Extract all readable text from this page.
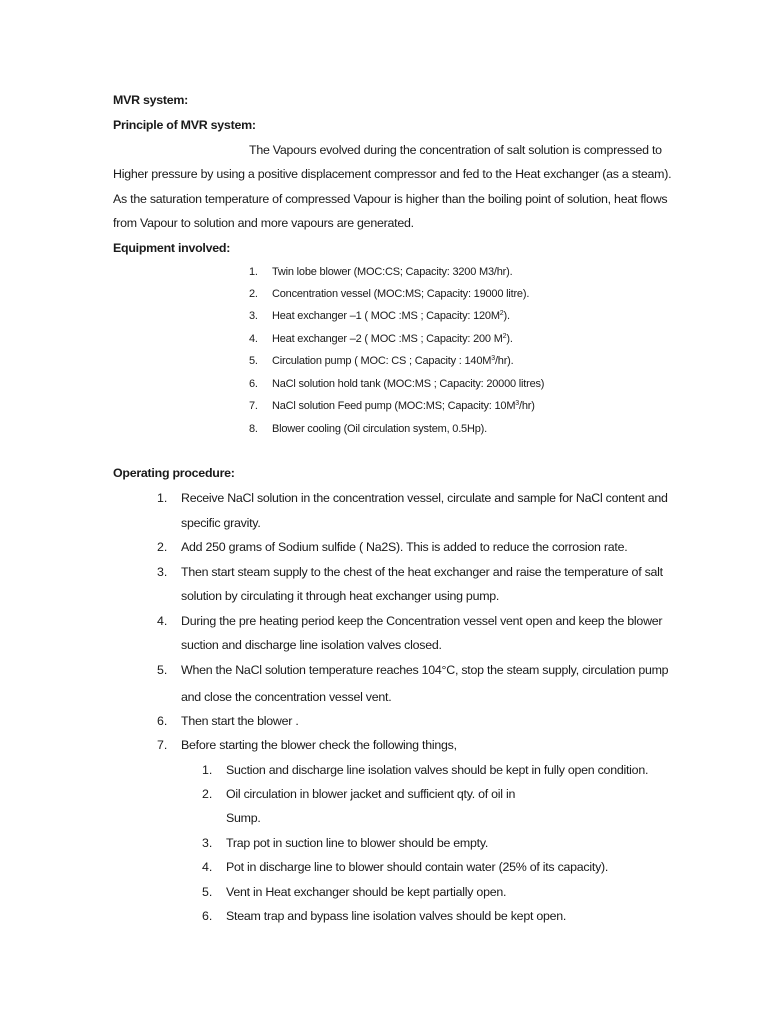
MVR system:
Principle of MVR system:
The Vapours evolved during the concentration of salt solution is compressed to
Higher pressure by using a positive displacement compressor and fed to the Heat exchanger (as a steam).
As the saturation temperature of compressed Vapour is higher than the boiling point of solution, heat flows
from Vapour to solution and more vapours are generated.
Equipment involved:
1. Twin lobe blower (MOC:CS; Capacity: 3200 M3/hr).
2. Concentration vessel (MOC:MS; Capacity: 19000 litre).
3. Heat exchanger –1 ( MOC :MS ; Capacity: $120M^2$).
4. Heat exchanger –2 ( MOC :MS ; Capacity: 200 $M^2$).
5. Circulation pump ( MOC: CS ; Capacity : $140M^3/hr$).
6. NaCl solution hold tank (MOC:MS ; Capacity: 20000 litres)
7. NaCl solution Feed pump (MOC:MS; Capacity: $10M^3/hr$)
8. Blower cooling (Oil circulation system, 0.5Hp).
Operating procedure:
1. Receive NaCl solution in the concentration vessel, circulate and sample for NaCl content and
specific gravity.
2. Add 250 grams of Sodium sulfide ( Na2S). This is added to reduce the corrosion rate.
3. Then start steam supply to the chest of the heat exchanger and raise the temperature of salt
solution by circulating it through heat exchanger using pump.
4. During the pre heating period keep the Concentration vessel vent open and keep the blower
suction and discharge line isolation valves closed.
5. When the NaCl solution temperature reaches 104°C, stop the steam supply, circulation pump
and close the concentration vessel vent.
6. Then start the blower .
7. Before starting the blower check the following things,
1. Suction and discharge line isolation valves should be kept in fully open condition.
2. Oil circulation in blower jacket and sufficient qty. of oil in
Sump.
3. Trap pot in suction line to blower should be empty.
4. Pot in discharge line to blower should contain water (25% of its capacity).
5. Vent in Heat exchanger should be kept partially open.
6. Steam trap and bypass line isolation valves should be kept open.
